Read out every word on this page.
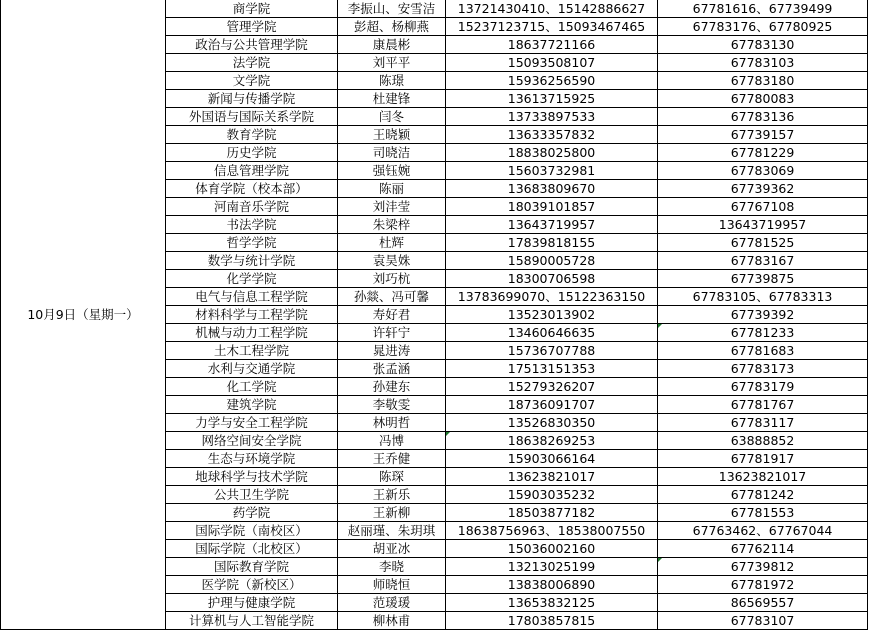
10月9日（星期一）	商学院	李振山、安雪洁	13721430410、15142886627	67781616、67739499
	管理学院	彭超、杨柳燕	15237123715、15093467465	67783176、67780925
	政治与公共管理学院	康晨彬	18637721166	67783130
	法学院	刘平平	15093508107	67783103
	文学院	陈璟	15936256590	67783180
	新闻与传播学院	杜建锋	13613715925	67780083
	外国语与国际关系学院	闫冬	13733897533	67783136
	教育学院	王晓颖	13633357832	67739157
	历史学院	司晓洁	18838025800	67781229
	信息管理学院	强钰婉	15603732981	67783069
	体育学院（校本部）	陈丽	13683809670	67739362
	河南音乐学院	刘沣莹	18039101857	67767108
	书法学院	朱梁梓	13643719957	13643719957
	哲学学院	杜辉	17839818155	67781525
	数学与统计学院	袁昊姝	15890005728	67783167
	化学学院	刘巧杭	18300706598	67739875
	电气与信息工程学院	孙燚、冯可馨	13783699070、15122363150	67783105、67783313
	材料科学与工程学院	寿好君	13523013902	67739392
	机械与动力工程学院	许轩宁	13460646635	67781233
	土木工程学院	晁进涛	15736707788	67781683
	水利与交通学院	张孟涵	17513151353	67783173
	化工学院	孙建东	15279326207	67783179
	建筑学院	李敬雯	18736091707	67781767
	力学与安全工程学院	林明哲	13526830350	67783117
	网络空间安全学院	冯博	18638269253	63888852
	生态与环境学院	王乔健	15903066164	67781917
	地球科学与技术学院	陈琛	13623821017	13623821017
	公共卫生学院	王新乐	15903035232	67781242
	药学院	王新柳	18503877182	67781553
	国际学院（南校区）	赵丽瑾、朱玥琪	18638756963、18538007550	67763462、67767044
	国际学院（北校区）	胡亚冰	15036002160	67762114
	国际教育学院	李晓	13213025199	67739812
	医学院（新校区）	师晓恒	13838006890	67781972
	护理与健康学院	范瑗瑗	13653832125	86569557
	计算机与人工智能学院	柳林甫	17803857815	67783107
